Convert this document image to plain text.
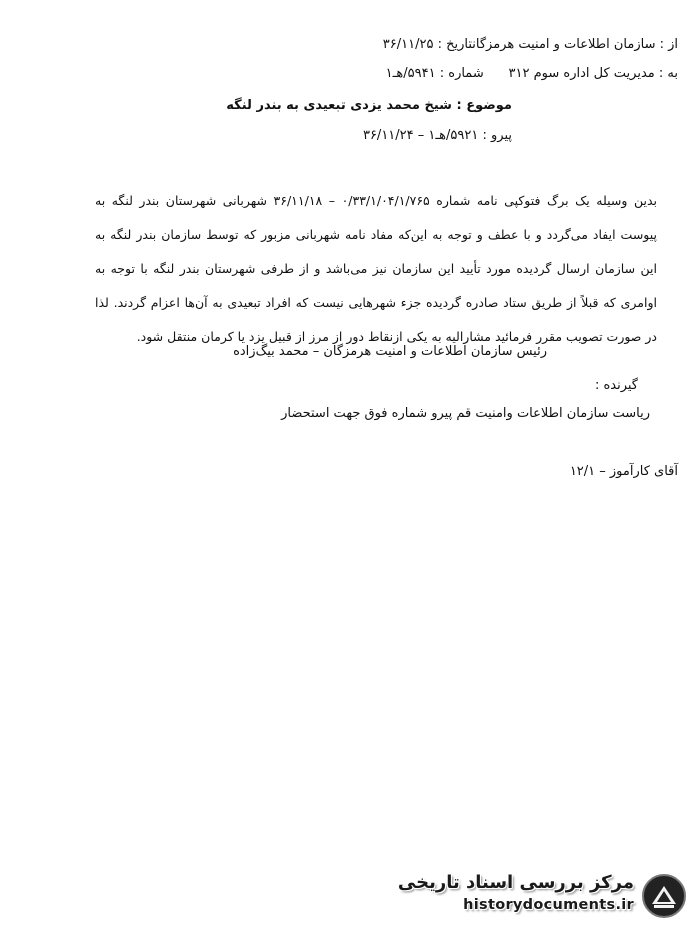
از : سازمان اطلاعات و امنیت هرمزگانتاریخ : ۳۶/۱۱/۲۵
به : مدیریت کل اداره سوم ۳۱۲      شماره : ۵۹۴۱/هـ۱
موضوع : شیخ محمد یزدی تبعیدی به بندر لنگه
پیرو : ۵۹۲۱/هـ۱ – ۳۶/۱۱/۲۴
بدین وسیله یک برگ فتوکپی نامه شماره ۰/۳۳/۱/۰۴/۱/۷۶۵ – ۳۶/۱۱/۱۸ شهربانی شهرستان بندر لنگه به پیوست ایفاد می‌گردد و با عطف و توجه به این‌که مفاد نامه شهربانی مزبور که توسط سازمان بندر لنگه به این سازمان ارسال گردیده مورد تأیید این سازمان نیز می‌باشد و از طرفی شهرستان بندر لنگه با توجه به اوامری که قبلاً از طریق ستاد صادره گردیده جزء شهرهایی نیست که افراد تبعیدی به آن‌ها اعزام گردند. لذا در صورت تصویب مقرر فرمائید مشارالیه به یکی ازنقاط دور از مرز از قبیل یزد یا کرمان منتقل شود.
رئیس سازمان اطلاعات و امنیت هرمزگان – محمد بیگ‌زاده
گیرنده :
ریاست سازمان اطلاعات وامنیت قم پیرو شماره فوق جهت استحضار
آقای کارآموز – ۱۲/۱
مرکز بررسی اسناد تاریخی
historydocuments.ir
